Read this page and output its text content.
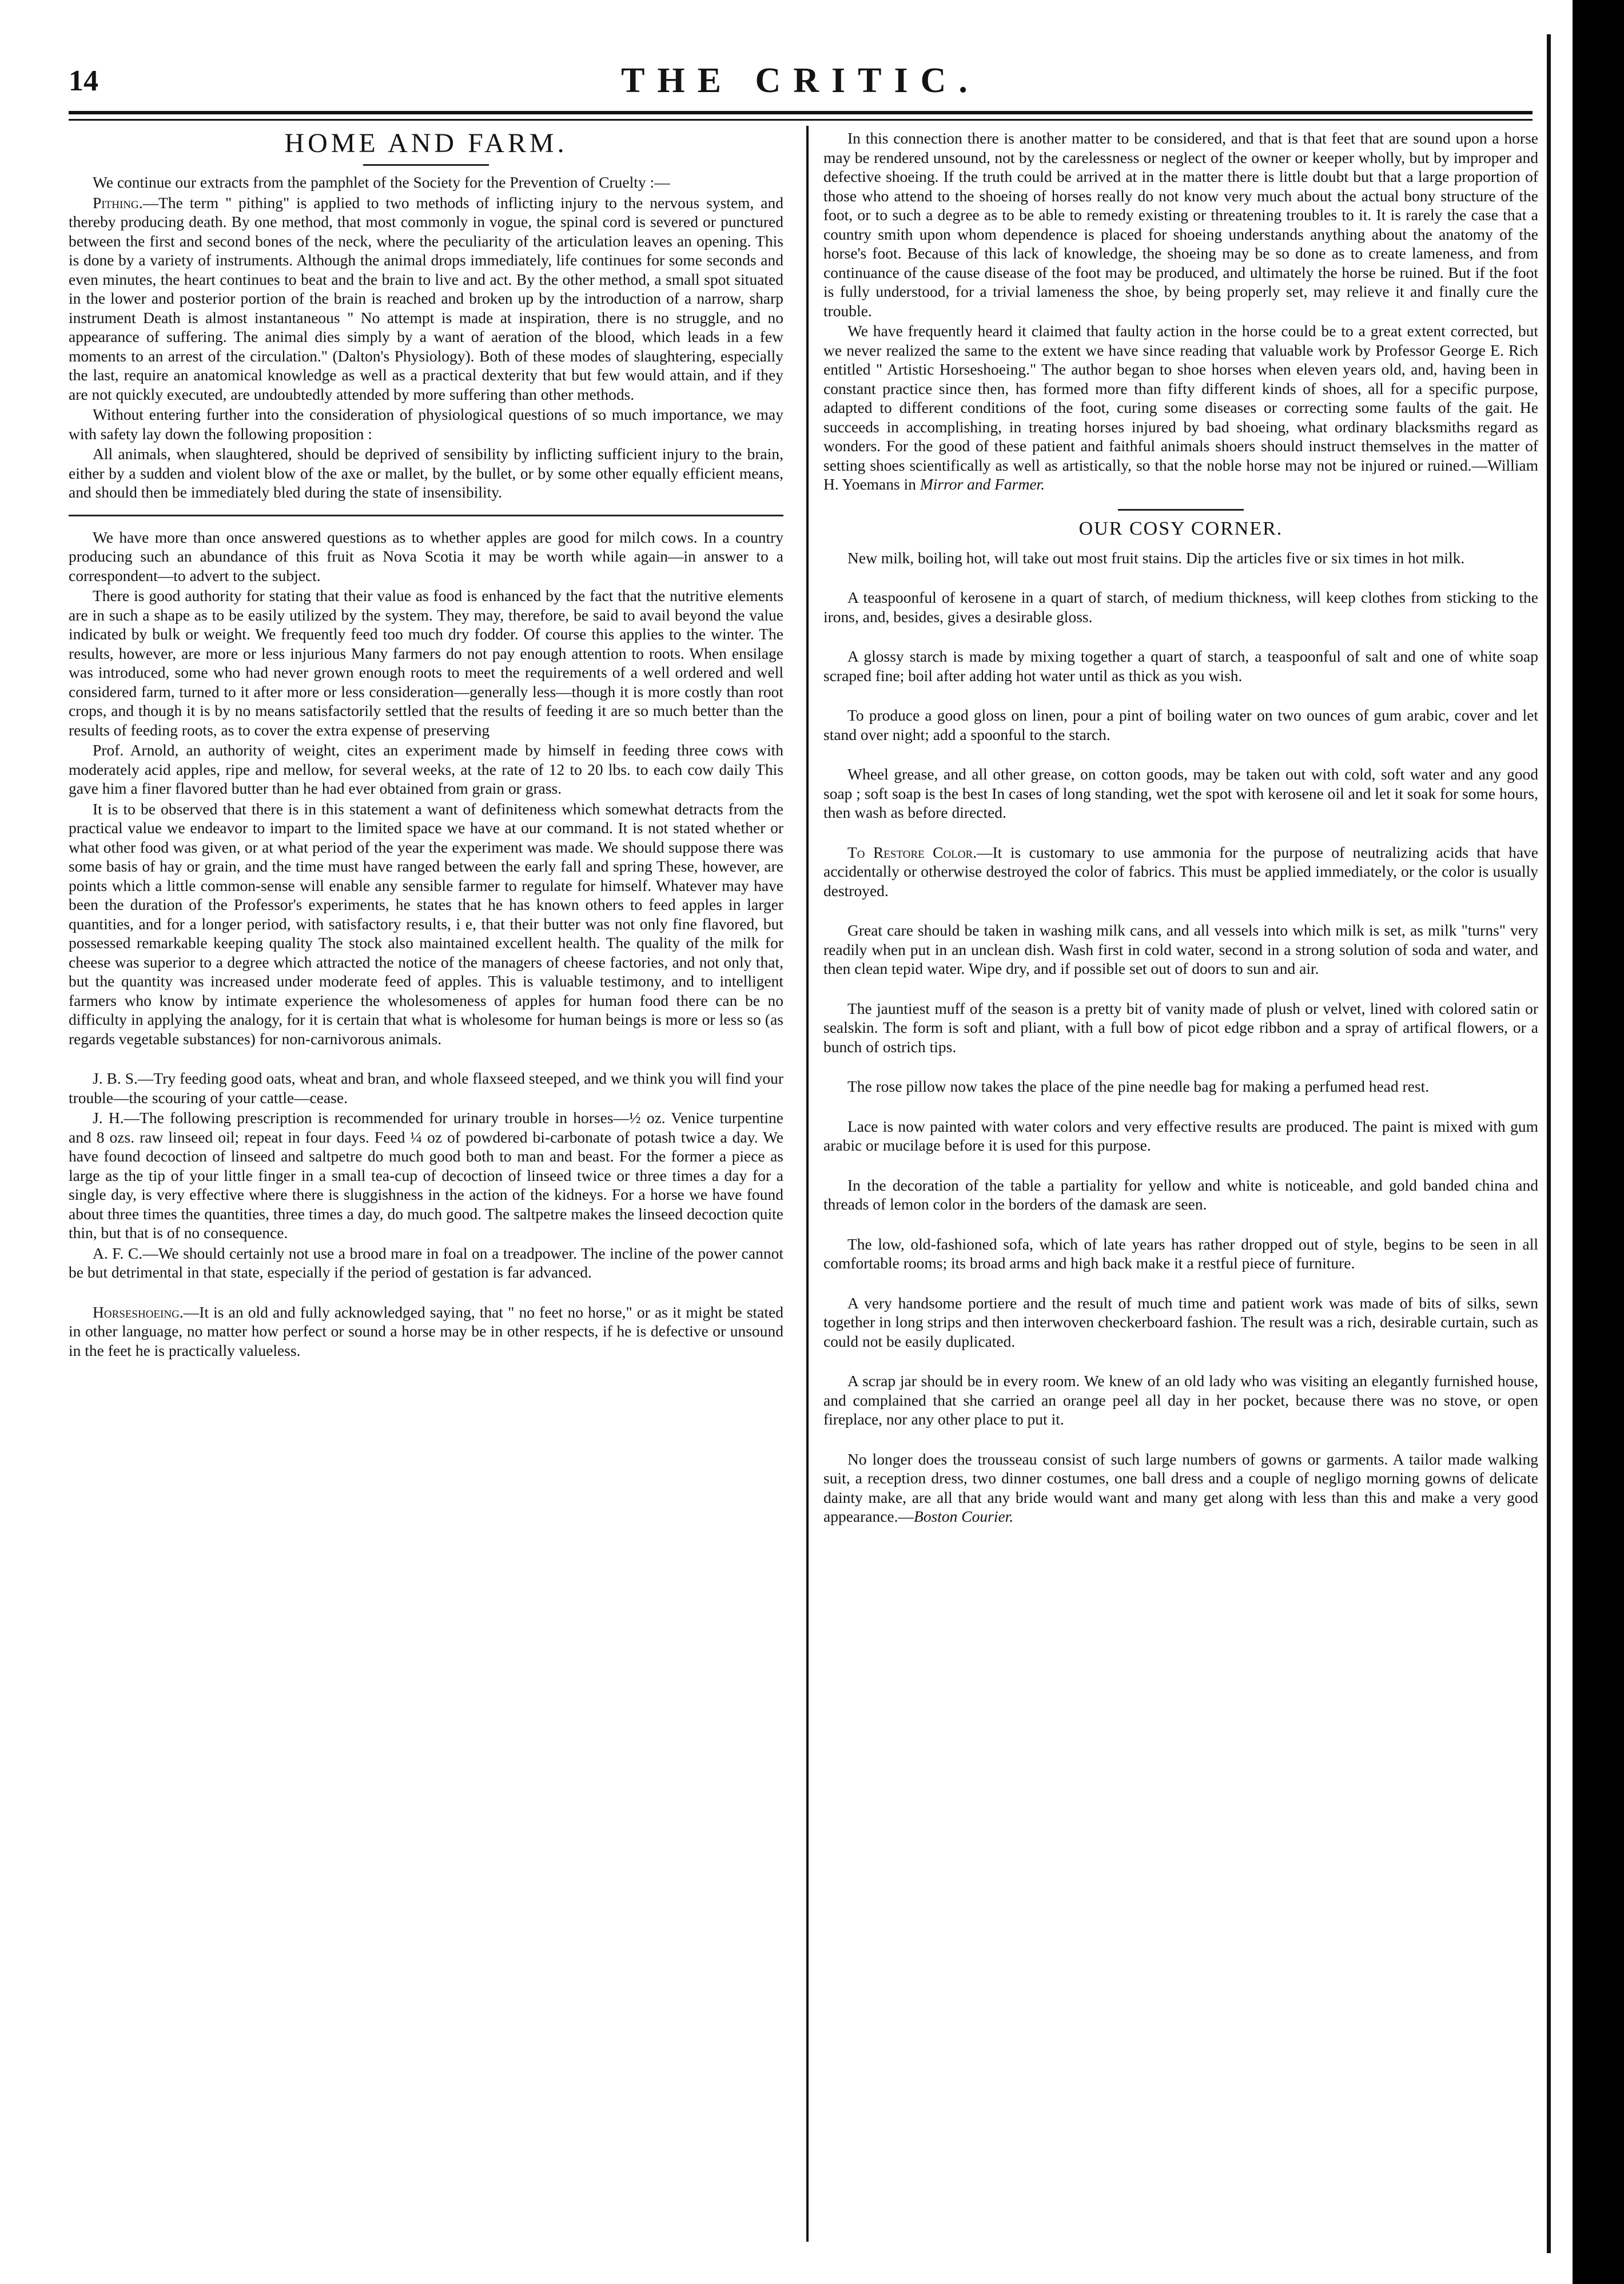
14	THE CRITIC.

HOME AND FARM.

We continue our extracts from the pamphlet of the Society for the Prevention of Cruelty :—

Pithing.—The term " pithing" is applied to two methods of inflicting injury to the nervous system, and thereby producing death. By one method, that most commonly in vogue, the spinal cord is severed or punctured between the first and second bones of the neck, where the peculiarity of the articulation leaves an opening. This is done by a variety of instruments. Although the animal drops immediately, life continues for some seconds and even minutes, the heart continues to beat and the brain to live and act. By the other method, a small spot situated in the lower and posterior portion of the brain is reached and broken up by the introduction of a narrow, sharp instrument Death is almost instantaneous " No attempt is made at inspiration, there is no struggle, and no appearance of suffering. The animal dies simply by a want of aeration of the blood, which leads in a few moments to an arrest of the circulation." (Dalton's Physiology). Both of these modes of slaughtering, especially the last, require an anatomical knowledge as well as a practical dexterity that but few would attain, and if they are not quickly executed, are undoubtedly attended by more suffering than other methods.

Without entering further into the consideration of physiological questions of so much importance, we may with safety lay down the following proposition :

All animals, when slaughtered, should be deprived of sensibility by inflicting sufficient injury to the brain, either by a sudden and violent blow of the axe or mallet, by the bullet, or by some other equally efficient means, and should then be immediately bled during the state of insensibility.

We have more than once answered questions as to whether apples are good for milch cows. In a country producing such an abundance of this fruit as Nova Scotia it may be worth while again—in answer to a correspondent—to advert to the subject.

There is good authority for stating that their value as food is enhanced by the fact that the nutritive elements are in such a shape as to be easily utilized by the system. They may, therefore, be said to avail beyond the value indicated by bulk or weight. We frequently feed too much dry fodder. Of course this applies to the winter. The results, however, are more or less injurious Many farmers do not pay enough attention to roots. When ensilage was introduced, some who had never grown enough roots to meet the requirements of a well ordered and well considered farm, turned to it after more or less consideration—generally less—though it is more costly than root crops, and though it is by no means satisfactorily settled that the results of feeding it are so much better than the results of feeding roots, as to cover the extra expense of preserving

Prof. Arnold, an authority of weight, cites an experiment made by himself in feeding three cows with moderately acid apples, ripe and mellow, for several weeks, at the rate of 12 to 20 lbs. to each cow daily This gave him a finer flavored butter than he had ever obtained from grain or grass.

It is to be observed that there is in this statement a want of definiteness which somewhat detracts from the practical value we endeavor to impart to the limited space we have at our command. It is not stated whether or what other food was given, or at what period of the year the experiment was made. We should suppose there was some basis of hay or grain, and the time must have ranged between the early fall and spring These, however, are points which a little common-sense will enable any sensible farmer to regulate for himself. Whatever may have been the duration of the Professor's experiments, he states that he has known others to feed apples in larger quantities, and for a longer period, with satisfactory results, i e, that their butter was not only fine flavored, but possessed remarkable keeping quality The stock also maintained excellent health. The quality of the milk for cheese was superior to a degree which attracted the notice of the managers of cheese factories, and not only that, but the quantity was increased under moderate feed of apples. This is valuable testimony, and to intelligent farmers who know by intimate experience the wholesomeness of apples for human food there can be no difficulty in applying the analogy, for it is certain that what is wholesome for human beings is more or less so (as regards vegetable substances) for non-carnivorous animals.

J. B. S.—Try feeding good oats, wheat and bran, and whole flaxseed steeped, and we think you will find your trouble—the scouring of your cattle—cease.

J. H.—The following prescription is recommended for urinary trouble in horses—½ oz. Venice turpentine and 8 ozs. raw linseed oil; repeat in four days. Feed ¼ oz of powdered bi-carbonate of potash twice a day. We have found decoction of linseed and saltpetre do much good both to man and beast. For the former a piece as large as the tip of your little finger in a small tea-cup of decoction of linseed twice or three times a day for a single day, is very effective where there is sluggishness in the action of the kidneys. For a horse we have found about three times the quantities, three times a day, do much good. The saltpetre makes the linseed decoction quite thin, but that is of no consequence.

A. F. C.—We should certainly not use a brood mare in foal on a treadpower. The incline of the power cannot be but detrimental in that state, especially if the period of gestation is far advanced.

Horseshoeing.—It is an old and fully acknowledged saying, that " no feet no horse," or as it might be stated in other language, no matter how perfect or sound a horse may be in other respects, if he is defective or unsound in the feet he is practically valueless.

In this connection there is another matter to be considered, and that is that feet that are sound upon a horse may be rendered unsound, not by the carelessness or neglect of the owner or keeper wholly, but by improper and defective shoeing. If the truth could be arrived at in the matter there is little doubt but that a large proportion of those who attend to the shoeing of horses really do not know very much about the actual bony structure of the foot, or to such a degree as to be able to remedy existing or threatening troubles to it. It is rarely the case that a country smith upon whom dependence is placed for shoeing understands anything about the anatomy of the horse's foot. Because of this lack of knowledge, the shoeing may be so done as to create lameness, and from continuance of the cause disease of the foot may be produced, and ultimately the horse be ruined. But if the foot is fully understood, for a trivial lameness the shoe, by being properly set, may relieve it and finally cure the trouble.

We have frequently heard it claimed that faulty action in the horse could be to a great extent corrected, but we never realized the same to the extent we have since reading that valuable work by Professor George E. Rich entitled " Artistic Horseshoeing." The author began to shoe horses when eleven years old, and, having been in constant practice since then, has formed more than fifty different kinds of shoes, all for a specific purpose, adapted to different conditions of the foot, curing some diseases or correcting some faults of the gait. He succeeds in accomplishing, in treating horses injured by bad shoeing, what ordinary blacksmiths regard as wonders. For the good of these patient and faithful animals shoers should instruct themselves in the matter of setting shoes scientifically as well as artistically, so that the noble horse may not be injured or ruined.—William H. Yoemans in Mirror and Farmer.

OUR COSY CORNER.

New milk, boiling hot, will take out most fruit stains. Dip the articles five or six times in hot milk.

A teaspoonful of kerosene in a quart of starch, of medium thickness, will keep clothes from sticking to the irons, and, besides, gives a desirable gloss.

A glossy starch is made by mixing together a quart of starch, a teaspoonful of salt and one of white soap scraped fine; boil after adding hot water until as thick as you wish.

To produce a good gloss on linen, pour a pint of boiling water on two ounces of gum arabic, cover and let stand over night; add a spoonful to the starch.

Wheel grease, and all other grease, on cotton goods, may be taken out with cold, soft water and any good soap ; soft soap is the best In cases of long standing, wet the spot with kerosene oil and let it soak for some hours, then wash as before directed.

To Restore Color.—It is customary to use ammonia for the purpose of neutralizing acids that have accidentally or otherwise destroyed the color of fabrics. This must be applied immediately, or the color is usually destroyed.

Great care should be taken in washing milk cans, and all vessels into which milk is set, as milk "turns" very readily when put in an unclean dish. Wash first in cold water, second in a strong solution of soda and water, and then clean tepid water. Wipe dry, and if possible set out of doors to sun and air.

The jauntiest muff of the season is a pretty bit of vanity made of plush or velvet, lined with colored satin or sealskin. The form is soft and pliant, with a full bow of picot edge ribbon and a spray of artifical flowers, or a bunch of ostrich tips.

The rose pillow now takes the place of the pine needle bag for making a perfumed head rest.

Lace is now painted with water colors and very effective results are produced. The paint is mixed with gum arabic or mucilage before it is used for this purpose.

In the decoration of the table a partiality for yellow and white is noticeable, and gold banded china and threads of lemon color in the borders of the damask are seen.

The low, old-fashioned sofa, which of late years has rather dropped out of style, begins to be seen in all comfortable rooms; its broad arms and high back make it a restful piece of furniture.

A very handsome portiere and the result of much time and patient work was made of bits of silks, sewn together in long strips and then interwoven checkerboard fashion. The result was a rich, desirable curtain, such as could not be easily duplicated.

A scrap jar should be in every room. We knew of an old lady who was visiting an elegantly furnished house, and complained that she carried an orange peel all day in her pocket, because there was no stove, or open fireplace, nor any other place to put it.

No longer does the trousseau consist of such large numbers of gowns or garments. A tailor made walking suit, a reception dress, two dinner costumes, one ball dress and a couple of negligo morning gowns of delicate dainty make, are all that any bride would want and many get along with less than this and make a very good appearance.—Boston Courier.
